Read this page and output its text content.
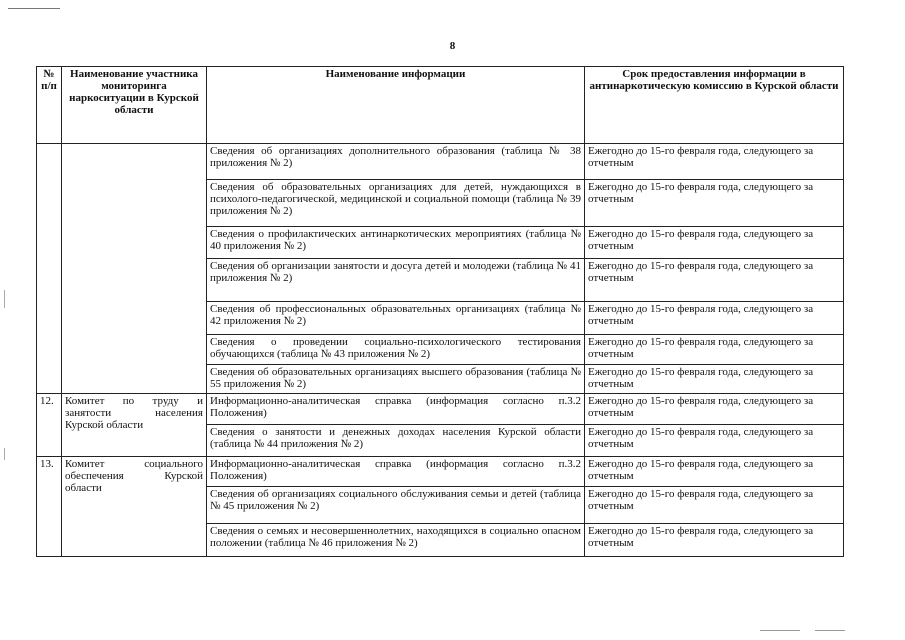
8
№ п/п	Наименование участника мониторинга наркоситуации в Курской области	Наименование информации	Срок предоставления информации в антинаркотическую комиссию в Курской области
		Сведения об организациях дополнительного образования (таблица № 38 приложения № 2)	Ежегодно до 15-го февраля года, следующего за отчетным
		Сведения об образовательных организациях для детей, нуждающихся в психолого-педагогической, медицинской и социальной помощи (таблица № 39 приложения № 2)	Ежегодно до 15-го февраля года, следующего за отчетным
		Сведения о профилактических антинаркотических мероприятиях (таблица № 40 приложения № 2)	Ежегодно до 15-го февраля года, следующего за отчетным
		Сведения об организации занятости и досуга детей и молодежи (таблица № 41 приложения № 2)	Ежегодно до 15-го февраля года, следующего за отчетным
		Сведения об профессиональных образовательных организациях (таблица № 42 приложения № 2)	Ежегодно до 15-го февраля года, следующего за отчетным
		Сведения о проведении социально-психологического тестирования обучающихся (таблица № 43 приложения № 2)	Ежегодно до 15-го февраля года, следующего за отчетным
		Сведения об образовательных организациях высшего образования (таблица № 55 приложения № 2)	Ежегодно до 15-го февраля года, следующего за отчетным
12.	Комитет по труду и занятости населения Курской области	Информационно-аналитическая справка (информация согласно п.3.2 Положения)	Ежегодно до 15-го февраля года, следующего за отчетным
		Сведения о занятости и денежных доходах населения Курской области (таблица № 44 приложения № 2)	Ежегодно до 15-го февраля года, следующего за отчетным
13.	Комитет социального обеспечения Курской области	Информационно-аналитическая справка (информация согласно п.3.2 Положения)	Ежегодно до 15-го февраля года, следующего за отчетным
		Сведения об организациях социального обслуживания семьи и детей (таблица № 45 приложения № 2)	Ежегодно до 15-го февраля года, следующего за отчетным
		Сведения о семьях и несовершеннолетних, находящихся в социально опасном положении (таблица № 46 приложения № 2)	Ежегодно до 15-го февраля года, следующего за отчетным
